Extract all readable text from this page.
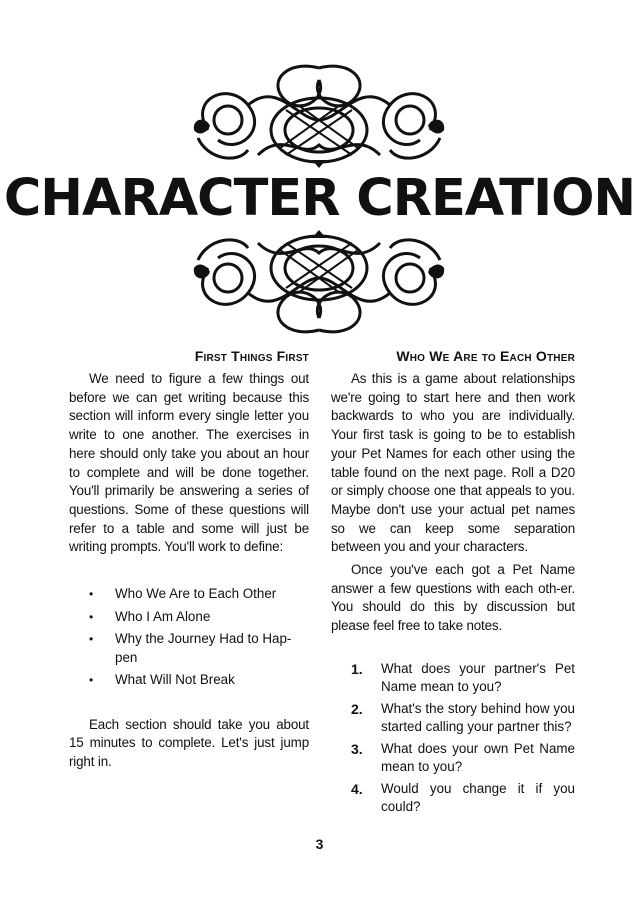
CHARACTER CREATION
First Things First

We need to figure a few things out before we can get writing because this section will inform every single letter you write to one another. The exercises in here should only take you about an hour to complete and will be done together. You'll primarily be answering a series of questions. Some of these questions will refer to a table and some will just be writing prompts. You'll work to define:

• Who We Are to Each Other
• Who I Am Alone
• Why the Journey Had to Hap-pen
• What Will Not Break

Each section should take you about 15 minutes to complete. Let's just jump right in.

Who We Are to Each Other

As this is a game about relationships we're going to start here and then work backwards to who you are individually. Your first task is going to be to establish your Pet Names for each other using the table found on the next page. Roll a D20 or simply choose one that appeals to you. Maybe don't use your actual pet names so we can keep some separation between you and your characters.

Once you've each got a Pet Name answer a few questions with each oth-er. You should do this by discussion but please feel free to take notes.

1. What does your partner's Pet Name mean to you?
2. What's the story behind how you started calling your partner this?
3. What does your own Pet Name mean to you?
4. Would you change it if you could?
3
